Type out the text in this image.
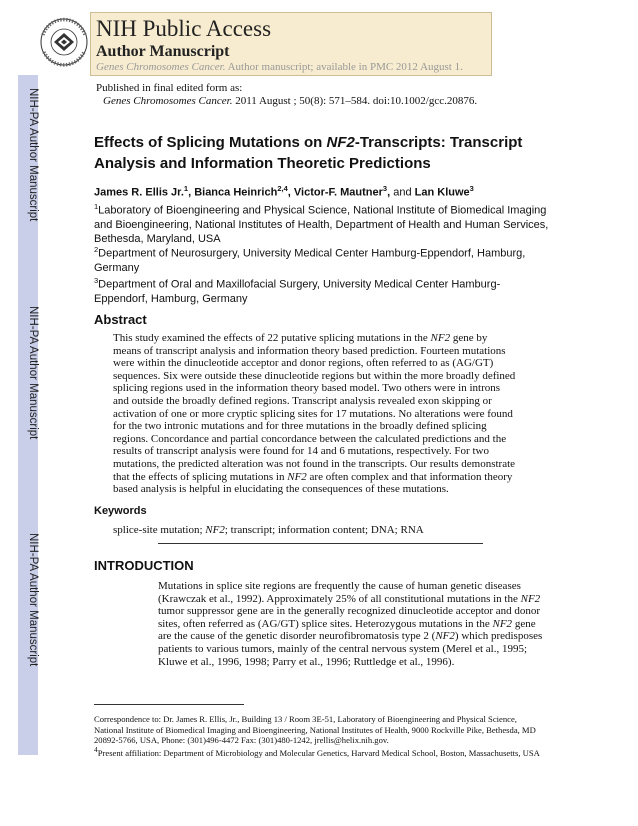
NIH-PA Author Manuscript
NIH-PA Author Manuscript
NIH-PA Author Manuscript
NIH Public Access
Author Manuscript
Genes Chromosomes Cancer. Author manuscript; available in PMC 2012 August 1.
Published in final edited form as:
Genes Chromosomes Cancer. 2011 August ; 50(8): 571–584. doi:10.1002/gcc.20876.
Effects of Splicing Mutations on NF2-Transcripts: Transcript Analysis and Information Theoretic Predictions
James R. Ellis Jr.$^1$, Bianca Heinrich$^{2,4}$, Victor-F. Mautner$^3$, and Lan Kluwe$^3$
$^1$Laboratory of Bioengineering and Physical Science, National Institute of Biomedical Imaging and Bioengineering, National Institutes of Health, Department of Health and Human Services, Bethesda, Maryland, USA
$^2$Department of Neurosurgery, University Medical Center Hamburg-Eppendorf, Hamburg, Germany
$^3$Department of Oral and Maxillofacial Surgery, University Medical Center Hamburg-Eppendorf, Hamburg, Germany
Abstract
This study examined the effects of 22 putative splicing mutations in the NF2 gene by means of transcript analysis and information theory based prediction. Fourteen mutations were within the dinucleotide acceptor and donor regions, often referred to as (AG/GT) sequences. Six were outside these dinucleotide regions but within the more broadly defined splicing regions used in the information theory based model. Two others were in introns and outside the broadly defined regions. Transcript analysis revealed exon skipping or activation of one or more cryptic splicing sites for 17 mutations. No alterations were found for the two intronic mutations and for three mutations in the broadly defined splicing regions. Concordance and partial concordance between the calculated predictions and the results of transcript analysis were found for 14 and 6 mutations, respectively. For two mutations, the predicted alteration was not found in the transcripts. Our results demonstrate that the effects of splicing mutations in NF2 are often complex and that information theory based analysis is helpful in elucidating the consequences of these mutations.
Keywords
splice-site mutation; NF2; transcript; information content; DNA; RNA
INTRODUCTION
Mutations in splice site regions are frequently the cause of human genetic diseases (Krawczak et al., 1992). Approximately 25% of all constitutional mutations in the NF2 tumor suppressor gene are in the generally recognized dinucleotide acceptor and donor sites, often referred as (AG/GT) splice sites. Heterozygous mutations in the NF2 gene are the cause of the genetic disorder neurofibromatosis type 2 (NF2) which predisposes patients to various tumors, mainly of the central nervous system (Merel et al., 1995; Kluwe et al., 1996, 1998; Parry et al., 1996; Ruttledge et al., 1996).
Correspondence to: Dr. James R. Ellis, Jr., Building 13 / Room 3E-51, Laboratory of Bioengineering and Physical Science, National Institute of Biomedical Imaging and Bioengineering, National Institutes of Health, 9000 Rockville Pike, Bethesda, MD 20892-5766, USA, Phone: (301)496-4472 Fax: (301)480-1242, jrellis@helix.nih.gov.
$^4$Present affiliation: Department of Microbiology and Molecular Genetics, Harvard Medical School, Boston, Massachusetts, USA
